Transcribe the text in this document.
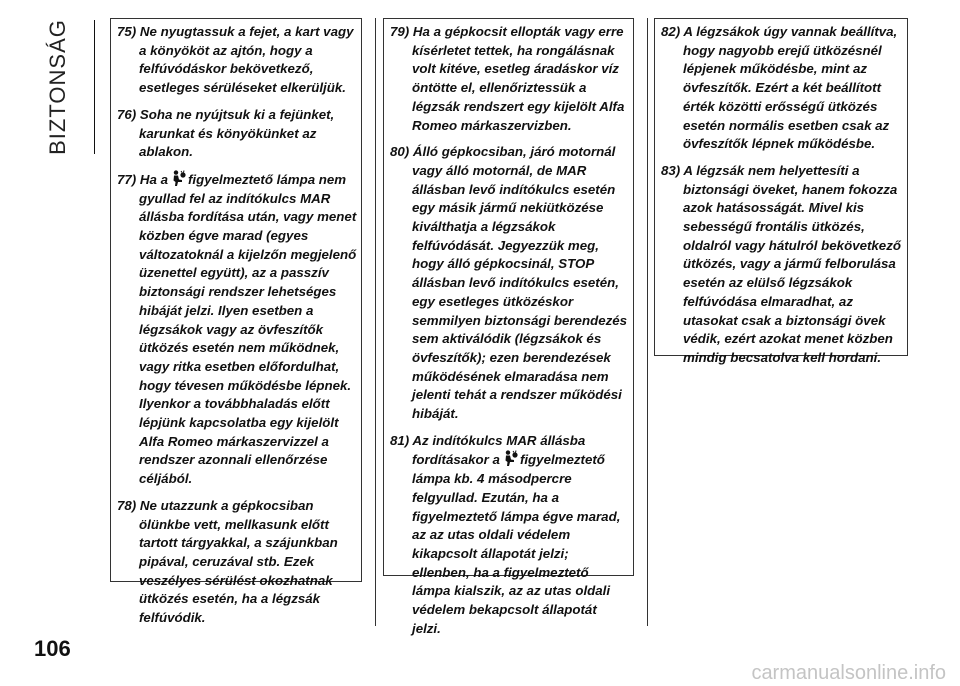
BIZTONSÁG	75) Ne nyugtassuk a fejet, a kart vagy a könyököt az ajtón, hogy a felfúvódáskor bekövetkező, esetleges sérüléseket elkerüljük.

76) Soha ne nyújtsuk ki a fejünket, karunkat és könyökünket az ablakon.

77) Ha a figyelmeztető lámpa nem gyullad fel az indítókulcs MAR állásba fordítása után, vagy menet közben égve marad (egyes változatoknál a kijelzőn megjelenő üzenettel együtt), az a passzív biztonsági rendszer lehetséges hibáját jelzi. Ilyen esetben a légzsákok vagy az övfeszítők ütközés esetén nem működnek, vagy ritka esetben előfordulhat, hogy tévesen működésbe lépnek. Ilyenkor a továbbhaladás előtt lépjünk kapcsolatba egy kijelölt Alfa Romeo márkaszervizzel a rendszer azonnali ellenőrzése céljából.

78) Ne utazzunk a gépkocsiban ölünkbe vett, mellkasunk előtt tartott tárgyakkal, a szájunkban pipával, ceruzával stb. Ezek veszélyes sérülést okozhatnak ütközés esetén, ha a légzsák felfúvódik.

79) Ha a gépkocsit ellopták vagy erre kísérletet tettek, ha rongálásnak volt kitéve, esetleg áradáskor víz öntötte el, ellenőriztessük a légzsák rendszert egy kijelölt Alfa Romeo márkaszervizben.

80) Álló gépkocsiban, járó motornál vagy álló motornál, de MAR állásban levő indítókulcs esetén egy másik jármű nekiütközése kiválthatja a légzsákok felfúvódását. Jegyezzük meg, hogy álló gépkocsinál, STOP állásban levő indítókulcs esetén, egy esetleges ütközéskor semmilyen biztonsági berendezés sem aktiválódik (légzsákok és övfeszítők); ezen berendezések működésének elmaradása nem jelenti tehát a rendszer működési hibáját.

81) Az indítókulcs MAR állásba fordításakor a figyelmeztető lámpa kb. 4 másodpercre felgyullad. Ezután, ha a figyelmeztető lámpa égve marad, az az utas oldali védelem kikapcsolt állapotát jelzi; ellenben, ha a figyelmeztető lámpa kialszik, az az utas oldali védelem bekapcsolt állapotát jelzi.

82) A légzsákok úgy vannak beállítva, hogy nagyobb erejű ütközésnél lépjenek működésbe, mint az övfeszítők. Ezért a két beállított érték közötti erősségű ütközés esetén normális esetben csak az övfeszítők lépnek működésbe.

83) A légzsák nem helyettesíti a biztonsági öveket, hanem fokozza azok hatásosságát. Mivel kis sebességű frontális ütközés, oldalról vagy hátulról bekövetkező ütközés, vagy a jármű felborulása esetén az elülső légzsákok felfúvódása elmaradhat, az utasokat csak a biztonsági övek védik, ezért azokat menet közben mindig becsatolva kell hordani.

106
carmanualsonline.info
